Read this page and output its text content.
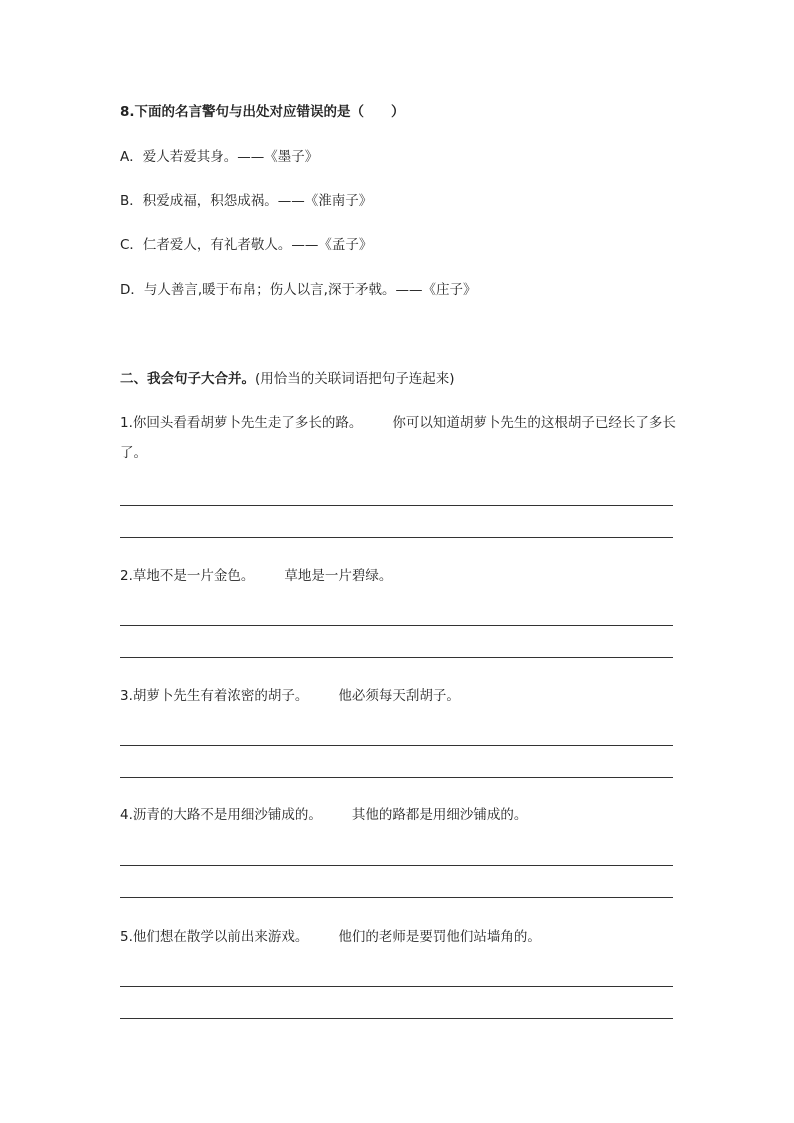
8.下面的名言警句与出处对应错误的是（　　）
A．爱人若爱其身。——《墨子》
B．积爱成福，积怨成祸。——《淮南子》
C．仁者爱人，有礼者敬人。——《孟子》
D．与人善言,暖于布帛；伤人以言,深于矛戟。——《庄子》
二、我会句子大合并。(用恰当的关联词语把句子连起来)
1.你回头看看胡萝卜先生走了多长的路。 你可以知道胡萝卜先生的这根胡子已经长了多长了。
2.草地不是一片金色。 草地是一片碧绿。
3.胡萝卜先生有着浓密的胡子。 他必须每天刮胡子。
4.沥青的大路不是用细沙铺成的。 其他的路都是用细沙铺成的。
5.他们想在散学以前出来游戏。 他们的老师是要罚他们站墙角的。
